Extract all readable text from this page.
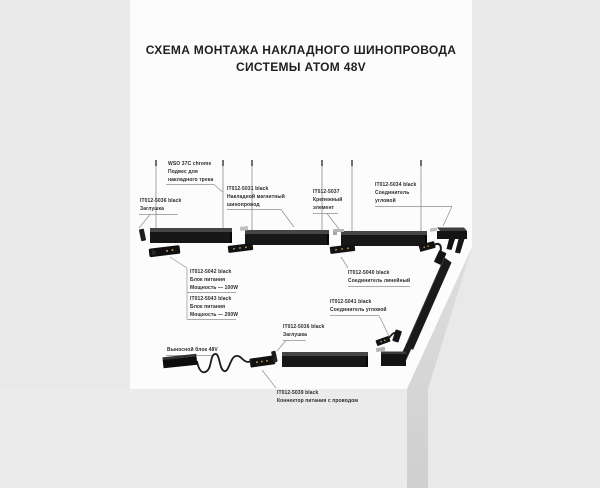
СХЕМА МОНТАЖА НАКЛАДНОГО ШИНОПРОВОДА
СИСТЕМЫ АТОМ 48V
WSO 37C chrome
Подвес для
накладного трека
IT012-5036 black
Заглушка
IT012-5031 black
Накладной магнитный
шинопровод
IT012-5037
Крепежный
элемент
IT012-5034 black
Соединитель
угловой
IT012-5042 black
Блок питания
Мощность — 100W
IT012-5043 black
Блок питания
Мощность — 200W
IT012-5040 black
Соединитель линейный
IT012-5041 black
Соединитель угловой
IT012-5036 black
Заглушка
Выносной блок 48V
IT012-5039 black
Коннектор питания с проводом
